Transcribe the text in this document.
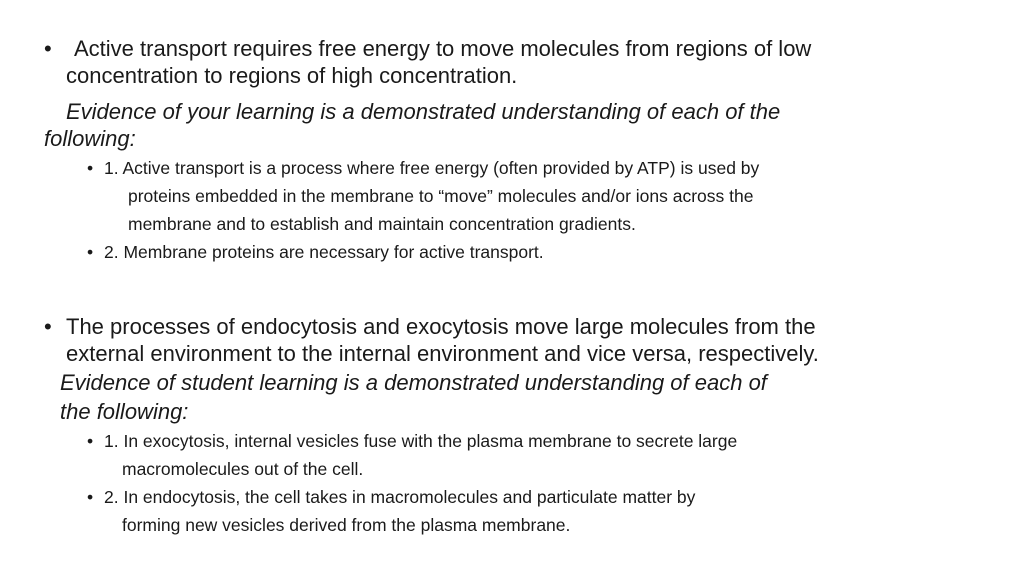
• Active transport requires free energy to move molecules from regions of low
concentration to regions of high concentration.
Evidence of your learning is a demonstrated understanding of each of the
following:
• 1. Active transport is a process where free energy (often provided by ATP) is used by
proteins embedded in the membrane to “move” molecules and/or ions across the
membrane and to establish and maintain concentration gradients.
• 2. Membrane proteins are necessary for active transport.
• The processes of endocytosis and exocytosis move large molecules from the
external environment to the internal environment and vice versa, respectively.
Evidence of student learning is a demonstrated understanding of each of
the following:
• 1. In exocytosis, internal vesicles fuse with the plasma membrane to secrete large
macromolecules out of the cell.
• 2. In endocytosis, the cell takes in macromolecules and particulate matter by
forming new vesicles derived from the plasma membrane.
